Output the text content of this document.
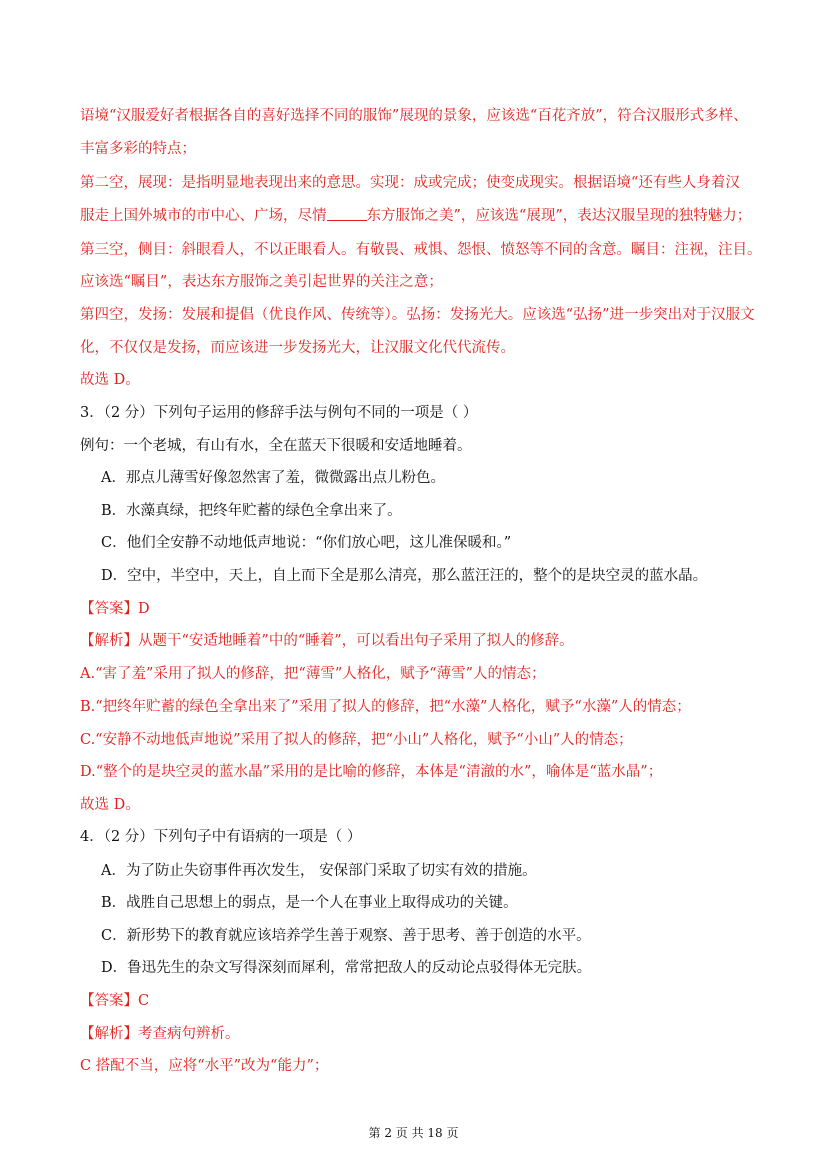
语境“汉服爱好者根据各自的喜好选择不同的服饰”展现的景象，应该选“百花齐放”，符合汉服形式多样、
丰富多彩的特点；
第二空，展现：是指明显地表现出来的意思。实现：成或完成；使变成现实。根据语境“还有些人身着汉
服走上国外城市的市中心、广场，尽情	东方服饰之美”，应该选“展现”，表达汉服呈现的独特魅力；
第三空，侧目：斜眼看人，不以正眼看人。有敬畏、戒惧、怨恨、愤怒等不同的含意。瞩目：注视，注目。
应该选“瞩目”，表达东方服饰之美引起世界的关注之意；
第四空，发扬：发展和提倡（优良作风、传统等）。弘扬：发扬光大。应该选“弘扬”进一步突出对于汉服文
化，不仅仅是发扬，而应该进一步发扬光大，让汉服文化代代流传。
故选 D。
3．（2 分）下列句子运用的修辞手法与例句不同的一项是（ ）
例句：一个老城，有山有水，全在蓝天下很暖和安适地睡着。
A．那点儿薄雪好像忽然害了羞，微微露出点儿粉色。
B．水藻真绿，把终年贮蓄的绿色全拿出来了。
C．他们全安静不动地低声地说：“你们放心吧，这儿准保暖和。”
D．空中，半空中，天上，自上而下全是那么清亮，那么蓝汪汪的，整个的是块空灵的蓝水晶。
【答案】D
【解析】从题干“安适地睡着”中的“睡着”，可以看出句子采用了拟人的修辞。
A.“害了羞”采用了拟人的修辞，把“薄雪”人格化，赋予“薄雪”人的情态；
B.“把终年贮蓄的绿色全拿出来了”采用了拟人的修辞，把“水藻”人格化，赋予“水藻”人的情态；
C.“安静不动地低声地说”采用了拟人的修辞，把“小山”人格化，赋予“小山”人的情态；
D.“整个的是块空灵的蓝水晶”采用的是比喻的修辞，本体是“清澈的水”，喻体是“蓝水晶”；
故选 D。
4．（2 分）下列句子中有语病的一项是（ ）
A．为了防止失窃事件再次发生， 安保部门采取了切实有效的措施。
B．战胜自己思想上的弱点，是一个人在事业上取得成功的关键。
C．新形势下的教育就应该培养学生善于观察、善于思考、善于创造的水平。
D．鲁迅先生的杂文写得深刻而犀利，常常把敌人的反动论点驳得体无完肤。
【答案】C
【解析】考查病句辨析。
C 搭配不当，应将“水平”改为“能力”；
第 2 页 共 18 页
